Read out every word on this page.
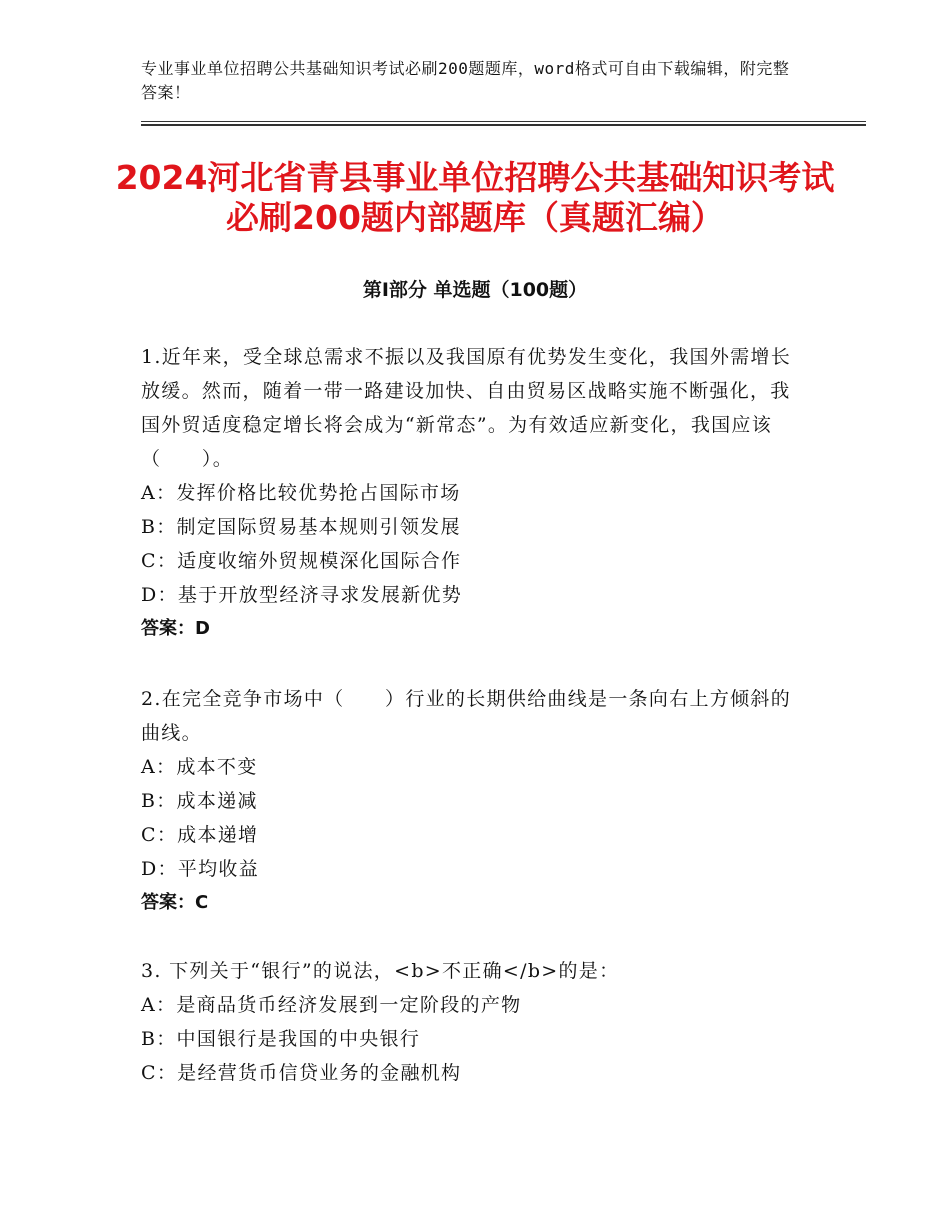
专业事业单位招聘公共基础知识考试必刷200题题库，word格式可自由下载编辑，附完整答案！
2024河北省青县事业单位招聘公共基础知识考试必刷200题内部题库（真题汇编）
第Ⅰ部分 单选题（100题）
1.近年来，受全球总需求不振以及我国原有优势发生变化，我国外需增长放缓。然而，随着一带一路建设加快、自由贸易区战略实施不断强化，我国外贸适度稳定增长将会成为“新常态”。为有效适应新变化，我国应该（　　）。
A：发挥价格比较优势抢占国际市场
B：制定国际贸易基本规则引领发展
C：适度收缩外贸规模深化国际合作
D：基于开放型经济寻求发展新优势
答案：D
2.在完全竞争市场中（　　）行业的长期供给曲线是一条向右上方倾斜的曲线。
A：成本不变
B：成本递减
C：成本递增
D：平均收益
答案：C
3. 下列关于“银行”的说法，<b>不正确</b>的是：
A：是商品货币经济发展到一定阶段的产物
B：中国银行是我国的中央银行
C：是经营货币信贷业务的金融机构
